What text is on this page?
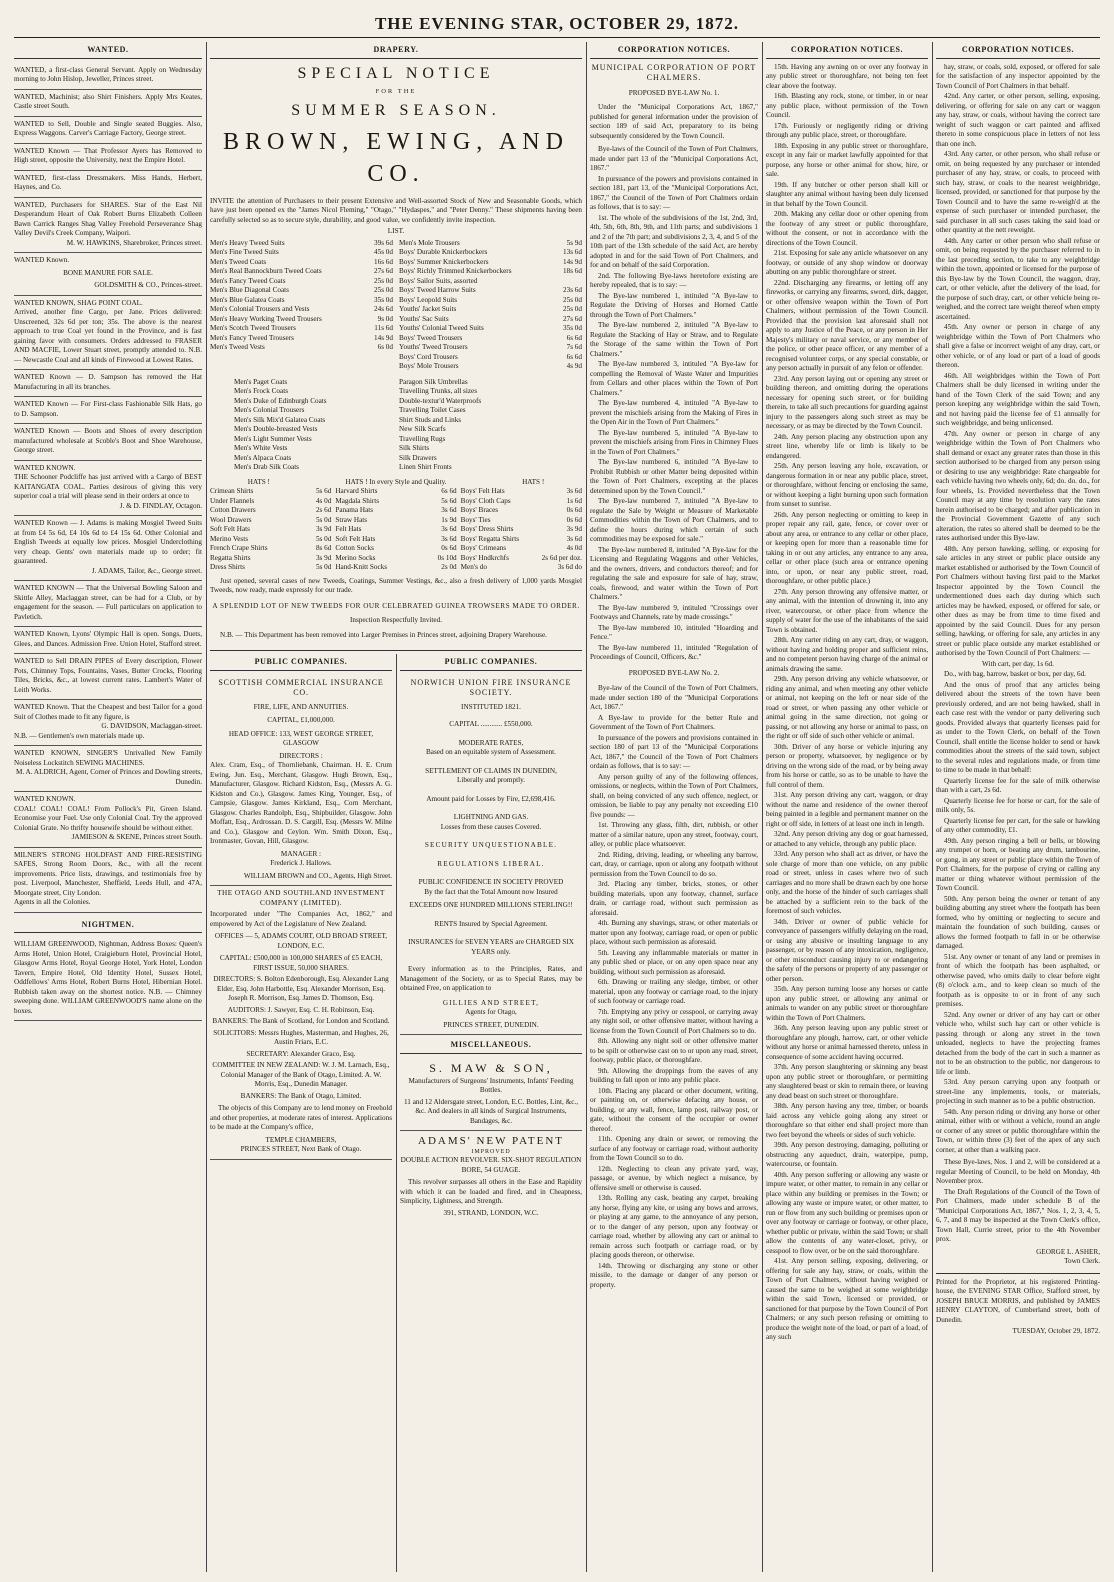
THE EVENING STAR, OCTOBER 29, 1872.
WANTED.

WANTED, a first-class General Servant. Apply on Wednesday morning to John Hislop, Jeweller, Princes street.

WANTED, Machinist; also Shirt Finishers. Apply Mrs Keates, Castle street South.

WANTED to Sell, Double and Single seated Buggies. Also, Express Waggons. Carver's Carriage Factory, George street.

WANTED Known — That Professor Ayers has Removed to High street, opposite the University, next the Empire Hotel.

WANTED, first-class Dressmakers. Miss Hands, Herbert, Haynes, and Co.

WANTED, Purchasers for SHARES. Star of the East Nil Desperandum Heart of Oak Robert Burns Elizabeth Colleen Bawn Carrick Ranges Shag Valley Freehold Perseverance Shag Valley Devil's Creek Company, Waipori.

M. W. HAWKINS, Sharebroker, Princes street.

WANTED Known.

BONE MANURE FOR SALE.
GOLDSMITH & CO., Princes-street.

WANTED KNOWN, SHAG POINT COAL.

Arrived, another fine Cargo, per Jane. Prices delivered: Unscreened, 32s 6d per ton; 35s. The above is the nearest approach to true Coal yet found in the Province, and is fast gaining favor with consumers. Orders addressed to FRASER AND MACFIE, Lower Stuart street, promptly attended to. N.B. — Newcastle Coal and all kinds of Firewood at Lowest Rates.

WANTED Known — D. Sampson has removed the Hat Manufacturing in all its branches.

WANTED Known — For First-class Fashionable Silk Hats, go to D. Sampson.

WANTED Known — Boots and Shoes of every description manufactured wholesale at Scoble's Boot and Shoe Warehouse, George street.

WANTED KNOWN.

THE Schooner Podcliffe has just arrived with a Cargo of BEST KAITANGATA COAL. Parties desirous of giving this very superior coal a trial will please send in their orders at once to

J. & D. FINDLAY, Octagon.

WANTED Known — J. Adams is making Mosgiel Tweed Suits at from £4 5s 6d, £4 10s 6d to £4 15s 6d. Other Colonial and English Tweeds at equally low prices. Mosgiel Underclothing very cheap. Gents' own materials made up to order; fit guaranteed.

J. ADAMS, Tailor, &c., George street.

WANTED KNOWN — That the Universal Bowling Saloon and Skittle Alley, Maclaggan street, can be had for a Club, or by engagement for the season. — Full particulars on application to Pavletich.

WANTED Known, Lyons' Olympic Hall is open. Songs, Duets, Glees, and Dances. Admission Free. Union Hotel, Stafford street.

WANTED to Sell DRAIN PIPES of Every description, Flower Pots, Chimney Tops, Fountains, Vases, Butter Crocks, Flooring Tiles, Bricks, &c., at lowest current rates. Lambert's Water of Leith Works.

WANTED Known. That the Cheapest and best Tailor for a good Suit of Clothes made to fit any figure, is

G. DAVIDSON, Maclaggan-street.
N.B. — Gentlemen's own materials made up.

WANTED KNOWN, SINGER'S Unrivalled New Family Noiseless Lockstitch SEWING MACHINES.

M. A. ALDRICH, Agent, Corner of Princes and Dowling streets, Dunedin.

WANTED KNOWN.

COAL! COAL! COAL! From Pollock's Pit, Green Island. Economise your Fuel. Use only Colonial Coal. Try the approved Colonial Grate. No thrifty housewife should be without either.

JAMIESON & SKENE, Princes street South.

MILNER'S STRONG HOLDFAST AND FIRE-RESISTING SAFES, Strong Room Doors, &c., with all the recent improvements. Price lists, drawings, and testimonials free by post. Liverpool, Manchester, Sheffield, Leeds Hull, and 47A, Moorgate street, City London.

Agents in all the Colonies.
NIGHTMEN.

WILLIAM GREENWOOD, Nightman, Address Boxes: Queen's Arms Hotel, Union Hotel, Craigieburn Hotel, Provincial Hotel, Glasgow Arms Hotel, Royal George Hotel, York Hotel, London Tavern, Empire Hotel, Old Identity Hotel, Sussex Hotel, Oddfellows' Arms Hotel, Robert Burns Hotel, Hibernian Hotel. Rubbish taken away on the shortest notice. N.B. — Chimney sweeping done. WILLIAM GREENWOOD'S name alone on the boxes.

DRAPERY.
SPECIAL NOTICE
FOR THE
SUMMER SEASON.
BROWN, EWING, AND CO.

INVITE the attention of Purchasers to their present Extensive and Well-assorted Stock of New and Seasonable Goods, which have just been opened ex the "James Nicol Fleming," "Otago," "Hydaspes," and "Peter Denny." These shipments having been carefully selected so as to secure style, durability, and good value, we confidently invite inspection.

LIST.
Men's Heavy Tweed Suits	39s 6d
Men's Fine Tweed Suits	45s 0d
Men's Tweed Coats	16s 6d
Men's Real Bannockburn Tweed Coats	27s 6d
Men's Fancy Tweed Coats	25s 0d
Men's Blue Diagonal Coats	25s 0d
Men's Blue Galatea Coats	35s 0d
Men's Colonial Trousers and Vests	24s 6d
Men's Heavy Working Tweed Trousers	9s 0d
Men's Scotch Tweed Trousers	11s 6d
Men's Fancy Tweed Trousers	14s 9d
Men's Tweed Vests	6s 0d
Men's Mole Trousers	5s 9d
Boys' Durable Knickerbockers	13s 6d
Boys' Summer Knickerbockers	14s 9d
Boys' Richly Trimmed Knickerbockers	18s 6d
Boys' Sailor Suits, assorted
Boys' Tweed Harrow Suits	23s 6d
Boys' Leopold Suits	25s 0d
Youths' Jacket Suits	25s 0d
Youths' Sac Suits	27s 6d
Youths' Colonial Tweed Suits	35s 0d
Boys' Tweed Trousers	6s 6d
Youths' Tweed Trousers	7s 6d
Boys' Cord Trousers	6s 6d
Boys' Mole Trousers	4s 9d
Men's Paget Coats
Men's Frock Coats
Men's Duke of Edinburgh Coats
Men's Colonial Trousers
Men's Silk Mix'd Galatea Coats
Men's Double-breasted Vests
Men's Light Summer Vests
Men's White Vests
Men's Alpaca Coats
Men's Drab Silk Coats
Paragon Silk Umbrellas
Travelling Trunks, all sizes
Double-textur'd Waterproofs
Travelling Toilet Cases
Shirt Studs and Links
New Silk Scarfs
Travelling Rugs
Silk Shirts
Silk Drawers
Linen Shirt Fronts
HATS !	HATS ! In every Style and Quality.	HATS !
Crimean Shirts	5s 6d
Under Flannels	4s 0d
Cotton Drawers	2s 6d
Wool Drawers	5s 0d
Soft Felt Hats	3s 9d
Merino Vests	5s 0d
French Crape Shirts	8s 6d
Regatta Shirts	3s 9d
Dress Shirts	5s 0d
Harvard Shirts	6s 6d
Magdala Shirts	5s 6d
Panama Hats	3s 6d
Straw Hats	1s 9d
Felt Hats	3s 6d
Soft Felt Hats	3s 6d
Cotton Socks	0s 6d
Merino Socks	0s 10d
Hand-Knitt Socks	2s 0d
Boys' Felt Hats	3s 6d
Boys' Cloth Caps	1s 6d
Boys' Braces	0s 6d
Boys' Ties	0s 6d
Boys' Dress Shirts	3s 9d
Boys' Regatta Shirts	3s 6d
Boys' Crimeans	4s 0d
Boys' Hndkrchfs	2s 6d per doz.
Men's do	3s 6d do

Just opened, several cases of new Tweeds, Coatings, Summer Vestings, &c., also a fresh delivery of 1,000 yards Mosgiel Tweeds, now ready, made expressly for our trade.

A SPLENDID LOT OF NEW TWEEDS FOR OUR CELEBRATED GUINEA TROWSERS MADE TO ORDER.
Inspection Respectfully Invited.

N.B. — This Department has been removed into Larger Premises in Princes street, adjoining Drapery Warehouse.

PUBLIC COMPANIES.
SCOTTISH COMMERCIAL INSURANCE CO.
FIRE, LIFE, AND ANNUITIES.
CAPITAL, £1,000,000.
HEAD OFFICE: 133, WEST GEORGE STREET, GLASGOW
DIRECTORS :

Alex. Cram, Esq., of Thornliebank, Chairman. H. E. Crum Ewing, Jun. Esq., Merchant, Glasgow. Hugh Brown, Esq., Manufacturer, Glasgow. Richard Kidston, Esq., (Messrs A. G. Kidston and Co.), Glasgow. James King, Younger, Esq., of Campsie, Glasgow. James Kirkland, Esq., Corn Merchant, Glasgow. Charles Randolph, Esq., Shipbuilder, Glasgow. John Moffatt, Esq., Ardrossan. D. S. Cargill, Esq. (Messrs W. Milne and Co.), Glasgow and Ceylon. Wm. Smith Dixon, Esq., Ironmaster, Govan, Hill, Glasgow.

MANAGER :
Frederick J. Hallows.
WILLIAM BROWN and CO., Agents, High Street.
THE OTAGO AND SOUTHLAND INVESTMENT COMPANY (LIMITED).

Incorporated under "The Companies Act, 1862," and empowered by Act of the Legislature of New Zealand.

OFFICES — 5, ADAMS COURT, OLD BROAD STREET, LONDON, E.C.
CAPITAL: £500,000 in 100,000 SHARES of £5 EACH, FIRST ISSUE, 50,000 SHARES.
DIRECTORS: S. Bolton Edenborough, Esq. Alexander Lang Elder, Esq. John Harbottle, Esq. Alexander Morrison, Esq. Joseph R. Morrison, Esq. James D. Thomson, Esq.
AUDITORS: J. Sawyer, Esq. C. H. Robinson, Esq.
BANKERS: The Bank of Scotland, for London and Scotland.
SOLICITORS: Messrs Hughes, Masterman, and Hughes, 26, Austin Friars, E.C.
SECRETARY: Alexander Graco, Esq.
COMMITTEE IN NEW ZEALAND: W. J. M. Larnach, Esq., Colonial Manager of the Bank of Otago, Limited. A. W. Morris, Esq., Dunedin Manager.
BANKERS: The Bank of Otago, Limited.

The objects of this Company are to lend money on Freehold and other properties, at moderate rates of interest. Applications to be made at the Company's office,

TEMPLE CHAMBERS,
PRINCES STREET, Next Bank of Otago.
PUBLIC COMPANIES.
NORWICH UNION FIRE INSURANCE SOCIETY.
INSTITUTED 1821.
CAPITAL ............ £550,000.
MODERATE RATES,
Based on an equitable system of Assessment.
SETTLEMENT OF CLAIMS IN DUNEDIN,
Liberally and promptly.
Amount paid for Losses by Fire, £2,698,416.
LIGHTNING AND GAS.
Losses from these causes Covered.
SECURITY UNQUESTIONABLE.
REGULATIONS LIBERAL.
PUBLIC CONFIDENCE IN SOCIETY PROVED
By the fact that the Total Amount now Insured
EXCEEDS ONE HUNDRED MILLIONS STERLING!!
RENTS Insured by Special Agreement.
INSURANCES for SEVEN YEARS are CHARGED SIX YEARS only.

Every information as to the Principles, Rates, and Management of the Society, or as to Special Rates, may be obtained Free, on application to

GILLIES AND STREET,
Agents for Otago,
PRINCES STREET, DUNEDIN.
MISCELLANEOUS.
S. MAW & SON,
Manufacturers of Surgeons' Instruments, Infants' Feeding Bottles.
11 and 12 Aldersgate street, London, E.C. Bottles, Lint, &c., &c. And dealers in all kinds of Surgical Instruments, Bandages, &c.
ADAMS' NEW PATENT
IMPROVED
DOUBLE ACTION REVOLVER. SIX-SHOT REGULATION BORE, 54 GUAGE.

This revolver surpasses all others in the Ease and Rapidity with which it can be loaded and fired, and in Cheapness, Simplicity, Lightness, and Strength.

391, STRAND, LONDON, W.C.
CORPORATION NOTICES.
MUNICIPAL CORPORATION OF PORT CHALMERS.
PROPOSED BYE-LAW No. 1.

Under the "Municipal Corporations Act, 1867," published for general information under the provision of section 189 of said Act, preparatory to its being subsequently considered by the Town Council.

Bye-laws of the Council of the Town of Port Chalmers, made under part 13 of the "Municipal Corporations Act, 1867."

In pursuance of the powers and provisions contained in section 181, part 13, of the "Municipal Corporations Act, 1867," the Council of the Town of Port Chalmers ordain as follows, that is to say: —

1st. The whole of the subdivisions of the 1st, 2nd, 3rd, 4th, 5th, 6th, 8th, 9th, and 11th parts; and subdivisions 1 and 2 of the 7th part; and subdivisions 2, 3, 4, and 5 of the 10th part of the 13th schedule of the said Act, are hereby adopted in and for the said Town of Port Chalmers, and for and on behalf of the said Corporation.

2nd. The following Bye-laws heretofore existing are hereby repealed, that is to say: —

The Bye-law numbered 1, intituled "A Bye-law to Regulate the Driving of Horses and Horned Cattle through the Town of Port Chalmers."

The Bye-law numbered 2, intituled "A Bye-law to Regulate the Stacking of Hay or Straw, and to Regulate the Storage of the same within the Town of Port Chalmers."

The Bye-law numbered 3, intituled "A Bye-law for compelling the Removal of Waste Water and Impurities from Cellars and other places within the Town of Port Chalmers."

The Bye-law numbered 4, intituled "A Bye-law to prevent the mischiefs arising from the Making of Fires in the Open Air in the Town of Port Chalmers."

The Bye-law numbered 5, intituled "A Bye-law to prevent the mischiefs arising from Fires in Chimney Flues in the Town of Port Chalmers."

The Bye-law numbered 6, intituled "A Bye-law to Prohibit Rubbish or other Matter being deposited within the Town of Port Chalmers, excepting at the places determined upon by the Town Council."

The Bye-law numbered 7, intituled "A Bye-law to regulate the Sale by Weight or Measure of Marketable Commodities within the Town of Port Chalmers, and to define the hours during which certain of such commodities may be exposed for sale."

The Bye-law numbered 8, intituled "A Bye-law for the Licensing and Regulating Waggons and other Vehicles, and the owners, drivers, and conductors thereof; and for regulating the sale and exposure for sale of hay, straw, coals, firewood, and water within the Town of Port Chalmers."

The Bye-law numbered 9, intituled "Crossings over Footways and Channels, rate by made crossings."

The Bye-law numbered 10, intituled "Hoarding and Fence."

The Bye-law numbered 11, intituled "Regulation of Proceedings of Council, Officers, &c."

PROPOSED BYE-LAW No. 2.

Bye-law of the Council of the Town of Port Chalmers, made under section 180 of the "Municipal Corporations Act, 1867."

A Bye-law to provide for the better Rule and Government of the Town of Port Chalmers.

In pursuance of the powers and provisions contained in section 180 of part 13 of the "Municipal Corporations Act, 1867," the Council of the Town of Port Chalmers ordain as follows, that is to say: —

Any person guilty of any of the following offences, omissions, or neglects, within the Town of Port Chalmers, shall, on being convicted of any such offence, neglect, or omission, be liable to pay any penalty not exceeding £10 five pounds: —

1st. Throwing any glass, filth, dirt, rubbish, or other matter of a similar nature, upon any street, footway, court, alley, or public place whatsoever.

2nd. Riding, driving, leading, or wheeling any barrow, cart, dray, or carriage, upon or along any footpath without permission from the Town Council to do so.

3rd. Placing any timber, bricks, stones, or other building materials, upon any footway, channel, surface drain, or carriage road, without such permission as aforesaid.

4th. Burning any shavings, straw, or other materials or matter upon any footway, carriage road, or open or public place, without such permission as aforesaid.

5th. Leaving any inflammable materials or matter in any public shed or place, or on any open space near any building, without such permission as aforesaid.

6th. Drawing or trailing any sledge, timber, or other material, upon any footway or carriage road, to the injury of such footway or carriage road.

7th. Emptying any privy or cesspool, or carrying away any night soil, or other offensive matter, without having a license from the Town Council of Port Chalmers so to do.

8th. Allowing any night soil or other offensive matter to be spilt or otherwise cast on to or upon any road, street, footway, public place, or thoroughfare.

9th. Allowing the droppings from the eaves of any building to fall upon or into any public place.

10th. Placing any placard or other document, writing, or painting on, or otherwise defacing any house, or building, or any wall, fence, lamp post, railway post, or gate, without the consent of the occupier or owner thereof.

11th. Opening any drain or sewer, or removing the surface of any footway or carriage road, without authority from the Town Council so to do.

12th. Neglecting to clean any private yard, way, passage, or avenue, by which neglect a nuisance, by offensive smell or otherwise is caused.

13th. Rolling any cask, beating any carpet, breaking any horse, flying any kite, or using any bows and arrows, or playing at any game, to the annoyance of any person, or to the danger of any person, upon any footway or carriage road, whether by allowing any cart or animal to remain across such footpath or carriage road, or by placing goods thereon, or otherwise.

14th. Throwing or discharging any stone or other missile, to the damage or danger of any person or property.

CORPORATION NOTICES.

15th. Having any awning on or over any footway in any public street or thoroughfare, not being ten feet clear above the footway.

16th. Blasting any rock, stone, or timber, in or near any public place, without permission of the Town Council.

17th. Furiously or negligently riding or driving through any public place, street, or thoroughfare.

18th. Exposing in any public street or thoroughfare, except in any fair or market lawfully appointed for that purpose, any horse or other animal for show, hire, or sale.

19th. If any butcher or other person shall kill or slaughter any animal without having been duly licensed in that behalf by the Town Council.

20th. Making any cellar door or other opening from the footway of any street or public thoroughfare, without the consent, or not in accordance with the directions of the Town Council.

21st. Exposing for sale any article whatsoever on any footway, or outside of any shop window or doorway abutting on any public thoroughfare or street.

22nd. Discharging any firearms, or letting off any fireworks, or carrying any firearms, sword, dirk, dagger, or other offensive weapon within the Town of Port Chalmers, without permission of the Town Council. Provided that the provision last aforesaid shall not apply to any Justice of the Peace, or any person in Her Majesty's military or naval service, or any member of the police, or other peace officer, or any member of a recognised volunteer corps, or any special constable, or any person actually in pursuit of any felon or offender.

23rd. Any person laying out or opening any street or building thereon, and omitting during the operations necessary for opening such street, or for building therein, to take all such precautions for guarding against injury to the passengers along such street as may be necessary, or as may be directed by the Town Council.

24th. Any person placing any obstruction upon any street line, whereby life or limb is likely to be endangered.

25th. Any person leaving any hole, excavation, or dangerous formation in or near any public place, street, or thoroughfare, without fencing or enclosing the same, or without keeping a light burning upon such formation from sunset to sunrise.

26th. Any person neglecting or omitting to keep in proper repair any rail, gate, fence, or cover over or about any area, or entrance to any cellar or other place, or keeping open for more than a reasonable time for taking in or out any articles, any entrance to any area, cellar or other place (such area or entrance opening into, or upon, or near any public street, road, thoroughfare, or other public place.)

27th. Any person throwing any offensive matter, or any animal, with the intention of drowning it, into any river, watercourse, or other place from whence the supply of water for the use of the inhabitants of the said Town is obtained.

28th. Any carter riding on any cart, dray, or waggon, without having and holding proper and sufficient reins, and no competent person having charge of the animal or animals drawing the same.

29th. Any person driving any vehicle whatsoever, or riding any animal, and when meeting any other vehicle or animal, not keeping on the left or near side of the road or street, or when passing any other vehicle or animal going in the same direction, not going or passing, or not allowing any horse or animal to pass, on the right or off side of such other vehicle or animal.

30th. Driver of any horse or vehicle injuring any person or property, whatsoever, by negligence or by driving on the wrong side of the road, or by being away from his horse or cattle, so as to be unable to have the full control of them.

31st. Any person driving any cart, waggon, or dray without the name and residence of the owner thereof being painted in a legible and permanent manner on the right or off side, in letters of at least one inch in length.

32nd. Any person driving any dog or goat harnessed, or attached to any vehicle, through any public place.

33rd. Any person who shall act as driver, or have the sole charge of more than one vehicle, on any public road or street, unless in cases where two of such carriages and no more shall be drawn each by one horse only, and the horse of the hinder of such carriages shall be attached by a sufficient rein to the back of the foremost of such vehicles.

34th. Driver or owner of public vehicle for conveyance of passengers wilfully delaying on the road, or using any abusive or insulting language to any passenger, or by reason of any intoxication, negligence, or other misconduct causing injury to or endangering the safety of the persons or property of any passenger or other person.

35th. Any person turning loose any horses or cattle upon any public street, or allowing any animal or animals to wander on any public street or thoroughfare within the Town of Port Chalmers.

36th. Any person leaving upon any public street or thoroughfare any plough, harrow, cart, or other vehicle without any horse or animal harnessed thereto, unless in consequence of some accident having occurred.

37th. Any person slaughtering or skinning any beast upon any public street or thoroughfare, or permitting any slaughtered beast or skin to remain there, or leaving any dead beast on such street or thoroughfare.

38th. Any person having any tree, timber, or boards laid across any vehicle going along any street or thoroughfare so that either end shall project more than two feet beyond the wheels or sides of such vehicle.

39th. Any person destroying, damaging, polluting or obstructing any aqueduct, drain, waterpipe, pump, watercourse, or fountain.

40th. Any person suffering or allowing any waste or impure water, or other matter, to remain in any cellar or place within any building or premises in the Town; or allowing any waste or impure water, or other matter, to run or flow from any such building or premises upon or over any footway or carriage or footway, or other place, whether public or private, within the said Town; or shall allow the contents of any water-closet, privy, or cesspool to flow over, or be on the said thoroughfare.

41st. Any person selling, exposing, delivering, or offering for sale any hay, straw, or coals, within the Town of Port Chalmers, without having weighed or caused the same to be weighed at some weighbridge within the said Town, licensed or provided, or sanctioned for that purpose by the Town Council of Port Chalmers; or any such person refusing or omitting to produce the weight note of the load, or part of a load, of any such

CORPORATION NOTICES.

hay, straw, or coals, sold, exposed, or offered for sale for the satisfaction of any inspector appointed by the Town Council of Port Chalmers in that behalf.

42nd. Any carter, or other person, selling, exposing, delivering, or offering for sale on any cart or waggon any hay, straw, or coals, without having the correct tare weight of such waggon or cart painted and affixed thereto in some conspicuous place in letters of not less than one inch.

43rd. Any carter, or other person, who shall refuse or omit, on being requested by any purchaser or intended purchaser of any hay, straw, or coals, to proceed with such hay, straw, or coals to the nearest weighbridge, licensed, provided, or sanctioned for that purpose by the Town Council and to have the same re-weigh'd at the expense of such purchaser or intended purchaser, the said purchaser in all such cases taking the said load or other quantity at the nett reweight.

44th. Any carter or other person who shall refuse or omit, on being requested by the purchaser referred to in the last preceding section, to take to any weighbridge within the town, appointed or licensed for the purpose of this Bye-law by the Town Council, the waggon, dray, cart, or other vehicle, after the delivery of the load, for the purpose of such dray, cart, or other vehicle being re-weighed, and the correct tare weight thereof when empty ascertained.

45th. Any owner or person in charge of any weighbridge within the Town of Port Chalmers who shall give a false or incorrect weight of any dray, cart, or other vehicle, or of any load or part of a load of goods thereon.

46th. All weighbridges within the Town of Port Chalmers shall be duly licensed in writing under the hand of the Town Clerk of the said Town; and any person keeping any weighbridge within the said Town, and not having paid the license fee of £1 annually for such weighbridge, and being unlicensed.

47th. Any owner or person in charge of any weighbridge within the Town of Port Chalmers who shall demand or exact any greater rates than those in this section authorised to be charged from any person using or desiring to use any weighbridge: Rate chargeable for each vehicle having two wheels only, 6d; do. do. do., for four wheels, 1s. Provided nevertheless that the Town Council may at any time by resolution vary the rates herein authorised to be charged; and after publication in the Provincial Government Gazette of any such alteration, the rates so altered shall be deemed to be the rates authorised under this Bye-law.

48th. Any person hawking, selling, or exposing for sale articles in any street or public place outside any market established or authorised by the Town Council of Port Chalmers without having first paid to the Market Inspector appointed by the Town Council the undermentioned dues each day during which such articles may be hawked, exposed, or offered for sale, or other dues as may be from time to time fixed and appointed by the said Council. Dues for any person selling, hawking, or offering for sale, any articles in any street or public place outside any market established or authorised by the Town Council of Port Chalmers: —

With cart, per day, 1s 6d.

Do., with bag, barrow, basket or box, per day, 6d.

And the onus of proof that any articles being delivered about the streets of the town have been previously ordered, and are not being hawked, shall in each case rest with the vendor or party delivering such goods. Provided always that quarterly licenses paid for as under to the Town Clerk, on behalf of the Town Council, shall entitle the license holder to send or hawk commodities about the streets of the said town, subject to the several rules and regulations made, or from time to time to be made in that behalf:

Quarterly license fee for the sale of milk otherwise than with a cart, 2s 6d.

Quarterly license fee for horse or cart, for the sale of milk only, 5s.

Quarterly license fee per cart, for the sale or hawking of any other commodity, £1.

49th. Any person ringing a bell or bells, or blowing any trumpet or horn, or beating any drum, tambourine, or gong, in any street or public place within the Town of Port Chalmers, for the purpose of crying or calling any matter or thing whatever without permission of the Town Council.

50th. Any person being the owner or tenant of any building abutting any street where the footpath has been formed, who by omitting or neglecting to secure and maintain the foundation of such building, causes or allows the formed footpath to fall in or be otherwise damaged.

51st. Any owner or tenant of any land or premises in front of which the footpath has been asphalted, or otherwise paved, who omits daily to clear before eight (8) o'clock a.m., and to keep clean so much of the footpath as is opposite to or in front of any such premises.

52nd. Any owner or driver of any hay cart or other vehicle who, whilst such hay cart or other vehicle is passing through or along any street in the town unloaded, neglects to have the projecting frames detached from the body of the cart in such a manner as not to be an obstruction to the public, nor dangerous to life or limb.

53rd. Any person carrying upon any footpath or street-line any implements, tools, or materials, projecting in such manner as to be a public obstruction.

54th. Any person riding or driving any horse or other animal, either with or without a vehicle, round an angle or corner of any street or public thoroughfare within the Town, or within three (3) feet of the apex of any such corner, at other than a walking pace.

These Bye-laws, Nos. 1 and 2, will be considered at a regular Meeting of Council, to be held on Monday, 4th November prox.

The Draft Regulations of the Council of the Town of Port Chalmers, made under schedule B of the "Municipal Corporations Act, 1867," Nos. 1, 2, 3, 4, 5, 6, 7, and 8 may be inspected at the Town Clerk's office, Town Hall, Currie street, prior to the 4th November prox.

GEORGE L. ASHER,
Town Clerk.
Printed for the Proprietor, at his registered Printing-house, the EVENING STAR Office, Stafford street, by JOSEPH BRUCE MORRIS, and published by JAMES HENRY CLAYTON, of Cumberland street, both of Dunedin.
TUESDAY, October 29, 1872.
